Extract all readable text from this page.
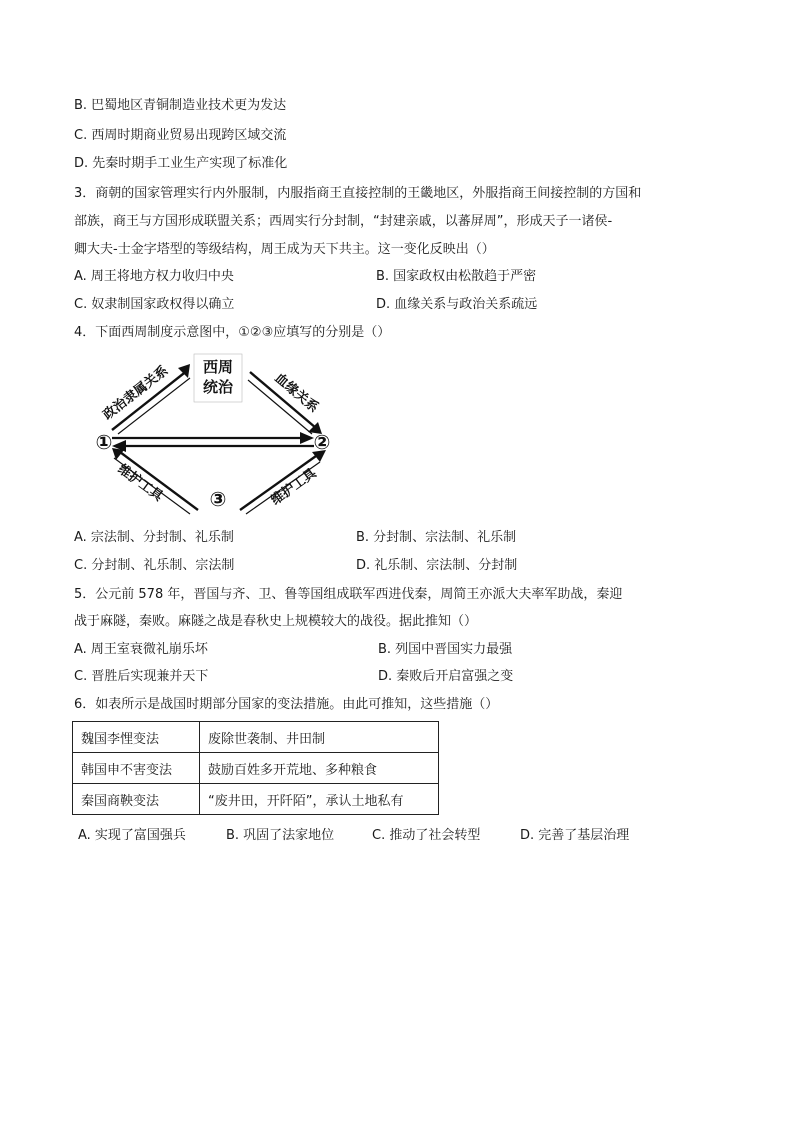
B. 巴蜀地区青铜制造业技术更为发达
C. 西周时期商业贸易出现跨区域交流
D. 先秦时期手工业生产实现了标准化
3．商朝的国家管理实行内外服制，内服指商王直接控制的王畿地区，外服指商王间接控制的方国和
部族，商王与方国形成联盟关系；西周实行分封制，“封建亲戚，以蕃屏周”，形成天子一诸侯-
卿大夫-士金字塔型的等级结构，周王成为天下共主。这一变化反映出（）
A. 周王将地方权力收归中央	B. 国家政权由松散趋于严密
C. 奴隶制国家政权得以确立	D. 血缘关系与政治关系疏远
4．下面西周制度示意图中，①②③应填写的分别是（）
西周
统治
①	②
③
政治隶属关系	血缘关系
维护工具	维护工具
A. 宗法制、分封制、礼乐制	B. 分封制、宗法制、礼乐制
C. 分封制、礼乐制、宗法制	D. 礼乐制、宗法制、分封制
5．公元前 578 年，晋国与齐、卫、鲁等国组成联军西进伐秦，周简王亦派大夫率军助战，秦迎
战于麻隧，秦败。麻隧之战是春秋史上规模较大的战役。据此推知（）
A. 周王室衰微礼崩乐坏	B. 列国中晋国实力最强
C. 晋胜后实现兼并天下	D. 秦败后开启富强之变
6．如表所示是战国时期部分国家的变法措施。由此可推知，这些措施（）
魏国李悝变法	废除世袭制、井田制
韩国申不害变法	鼓励百姓多开荒地、多种粮食
秦国商鞅变法	“废井田，开阡陌”，承认土地私有
A. 实现了富国强兵	B. 巩固了法家地位	C. 推动了社会转型	D. 完善了基层治理
